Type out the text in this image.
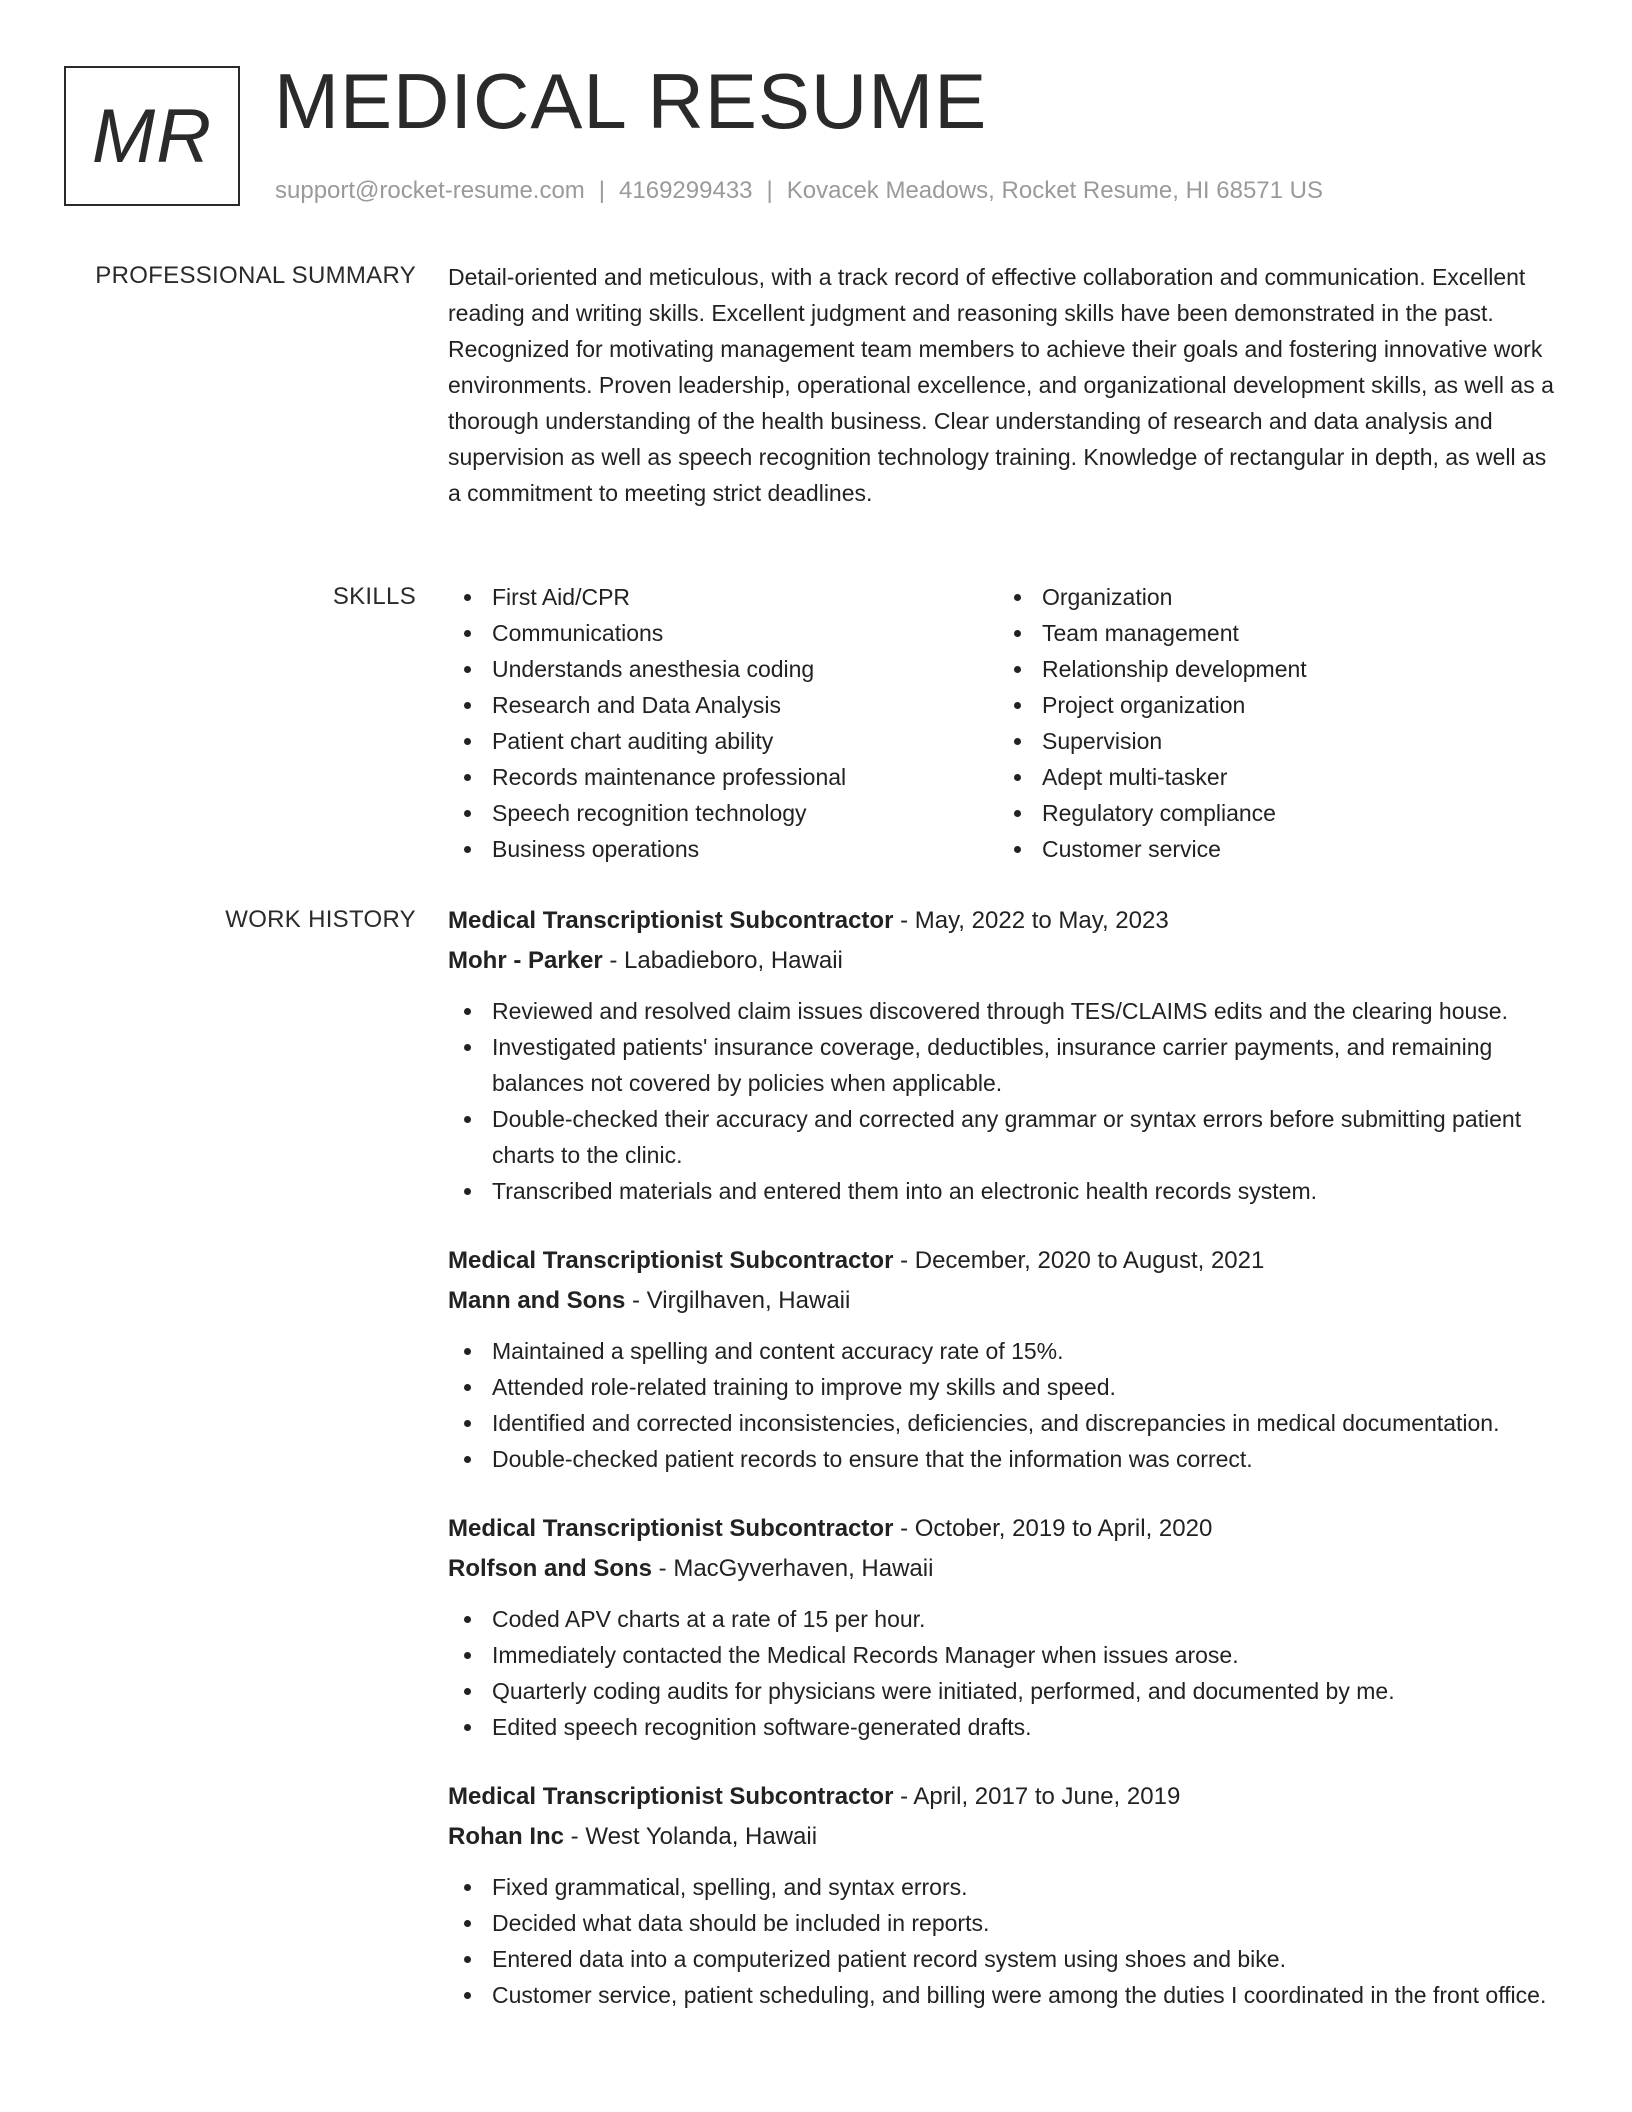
MR MEDICAL RESUME
support@rocket-resume.com | 4169299433 | Kovacek Meadows, Rocket Resume, HI 68571 US
PROFESSIONAL SUMMARY Detail-oriented and meticulous, with a track record of effective collaboration and communication. Excellent reading and writing skills. Excellent judgment and reasoning skills have been demonstrated in the past. Recognized for motivating management team members to achieve their goals and fostering innovative work environments. Proven leadership, operational excellence, and organizational development skills, as well as a thorough understanding of the health business. Clear understanding of research and data analysis and supervision as well as speech recognition technology training. Knowledge of rectangular in depth, as well as a commitment to meeting strict deadlines.

SKILLS	First Aid/CPR
Communications
Understands anesthesia coding
Research and Data Analysis
Patient chart auditing ability
Records maintenance professional
Speech recognition technology
Business operations
Organization
Team management
Relationship development
Project organization
Supervision
Adept multi-tasker
Regulatory compliance
Customer service
WORK HISTORY Medical Transcriptionist Subcontractor - May, 2022 to May, 2023
Mohr - Parker - Labadieboro, Hawaii
Reviewed and resolved claim issues discovered through TES/CLAIMS edits and the clearing house.
Investigated patients' insurance coverage, deductibles, insurance carrier payments, and remaining balances not covered by policies when applicable.
Double-checked their accuracy and corrected any grammar or syntax errors before submitting patient charts to the clinic.
Transcribed materials and entered them into an electronic health records system.
Medical Transcriptionist Subcontractor - December, 2020 to August, 2021
Mann and Sons - Virgilhaven, Hawaii
Maintained a spelling and content accuracy rate of 15%.
Attended role-related training to improve my skills and speed.
Identified and corrected inconsistencies, deficiencies, and discrepancies in medical documentation.
Double-checked patient records to ensure that the information was correct.
Medical Transcriptionist Subcontractor - October, 2019 to April, 2020
Rolfson and Sons - MacGyverhaven, Hawaii
Coded APV charts at a rate of 15 per hour.
Immediately contacted the Medical Records Manager when issues arose.
Quarterly coding audits for physicians were initiated, performed, and documented by me.
Edited speech recognition software-generated drafts.
Medical Transcriptionist Subcontractor - April, 2017 to June, 2019
Rohan Inc - West Yolanda, Hawaii
Fixed grammatical, spelling, and syntax errors.
Decided what data should be included in reports.
Entered data into a computerized patient record system using shoes and bike.
Customer service, patient scheduling, and billing were among the duties I coordinated in the front office.
